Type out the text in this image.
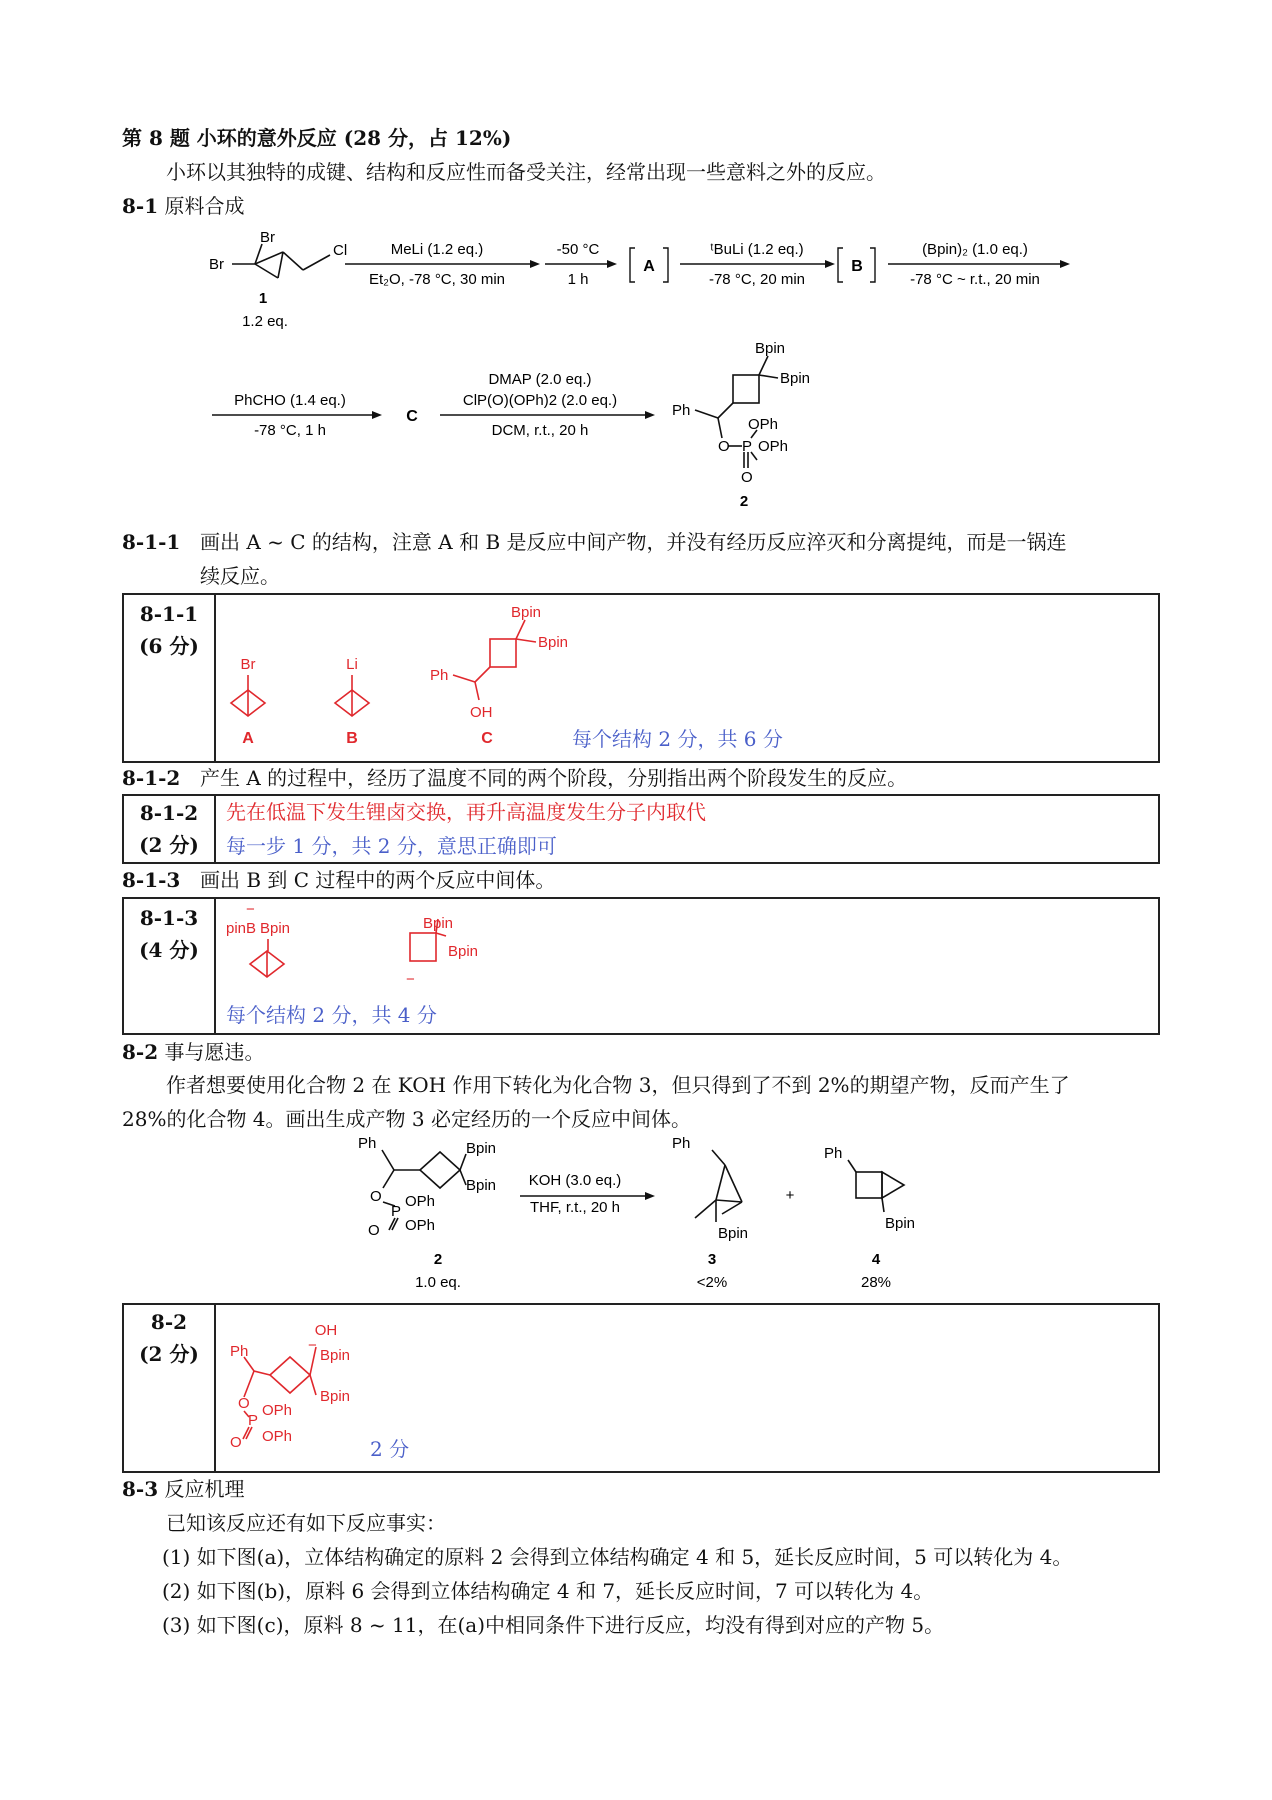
第 8 题 小环的意外反应 (28 分，占 12%)
小环以其独特的成键、结构和反应性而备受关注，经常出现一些意料之外的反应。
8-1 原料合成
Br
Br
Cl
1
1.2 eq.
MeLi (1.2 eq.)
Et₂O, -78 °C, 30 min
-50 °C
1 h
A
ᵗBuLi (1.2 eq.)
-78 °C, 20 min
B
(Bpin)₂ (1.0 eq.)
-78 °C ~ r.t., 20 min
PhCHO (1.4 eq.)
-78 °C, 1 h
C
DMAP (2.0 eq.)
ClP(O)(OPh)2 (2.0 eq.)
DCM, r.t., 20 h
Bpin
Bpin
Ph
O P
OPh
OPh
O
2
8-1-1 画出 A ~ C 的结构，注意 A 和 B 是反应中间产物，并没有经历反应淬灭和分离提纯，而是一锅连
续反应。
8-1-1
(6 分)
Br	Li
A	B
Bpin
Bpin
Ph
OH
C	每个结构 2 分，共 6 分
8-1-2 产生 A 的过程中，经历了温度不同的两个阶段，分别指出两个阶段发生的反应。
8-1-2
(2 分)
先在低温下发生锂卤交换，再升高温度发生分子内取代
每一步 1 分，共 2 分，意思正确即可
8-1-3 画出 B 到 C 过程中的两个反应中间体。
8-1-3
(4 分)
−
pinB Bpin	Bpin
Bpin
−
每个结构 2 分，共 4 分
8-2 事与愿违。
作者想要使用化合物 2 在 KOH 作用下转化为化合物 3，但只得到了不到 2%的期望产物，反而产生了
28%的化合物 4。画出生成产物 3 必定经历的一个反应中间体。
Ph	Bpin
Bpin
O
P
OPh
OPh
O
2
1.0 eq.
KOH (3.0 eq.)
THF, r.t., 20 h
Ph
Bpin
3
<2%
+
Ph
Bpin
4
28%
8-2
(2 分)
OH
−
Bpin
Bpin
Ph
O
P
OPh
OPh
O	2 分
8-3 反应机理
已知该反应还有如下反应事实：
(1) 如下图(a)，立体结构确定的原料 2 会得到立体结构确定 4 和 5，延长反应时间，5 可以转化为 4。
(2) 如下图(b)，原料 6 会得到立体结构确定 4 和 7，延长反应时间，7 可以转化为 4。
(3) 如下图(c)，原料 8 ~ 11，在(a)中相同条件下进行反应，均没有得到对应的产物 5。
